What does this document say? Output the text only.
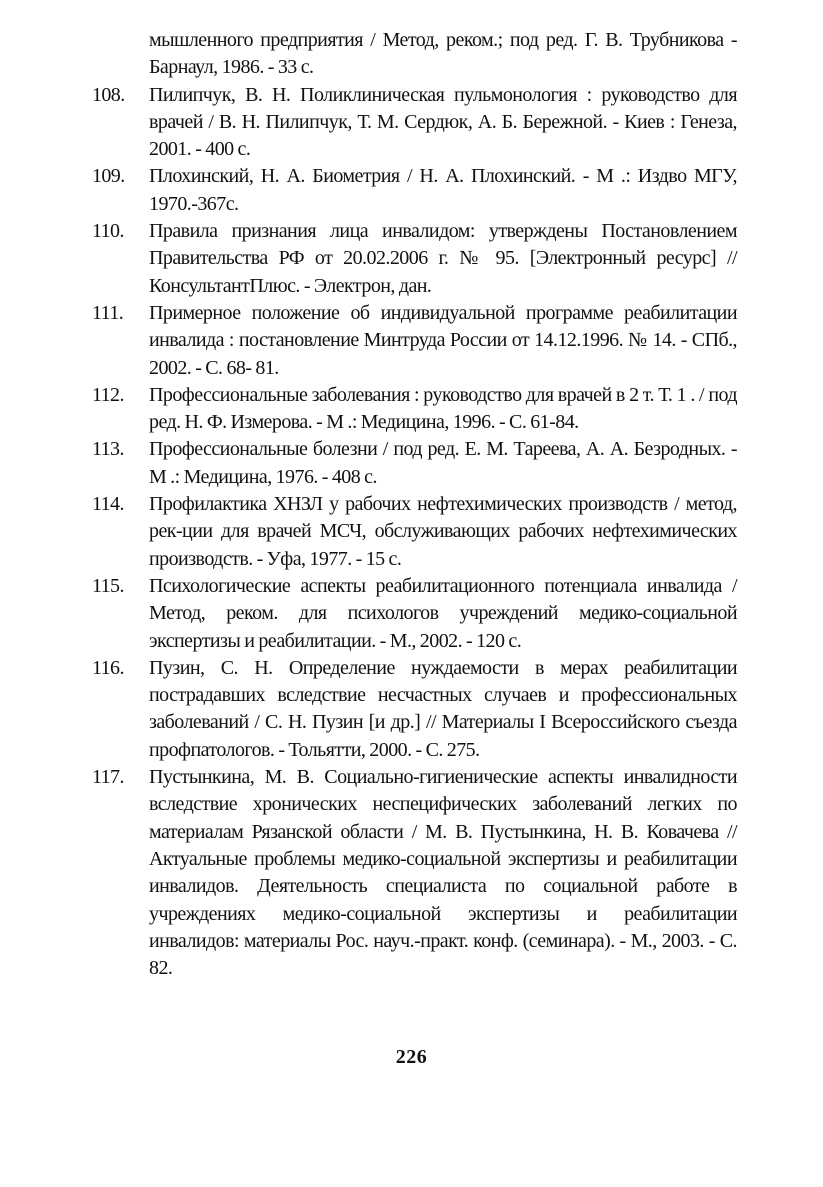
мышленного предприятия / Метод, реком.; под ред. Г. В. Трубникова - Барнаул, 1986. - 33 с.

108.	Пилипчук, В. Н. Поликлиническая пульмонология : руководство для врачей / В. Н. Пилипчук, Т. М. Сердюк, А. Б. Бережной. - Киев : Генеза, 2001. - 400 с.

109.	Плохинский, Н. А. Биометрия / Н. А. Плохинский. - М .: Издво МГУ, 1970.-367с.

110.	Правила признания лица инвалидом: утверждены Постановлением Правительства РФ от 20.02.2006 г. № 95. [Электронный ресурс] // КонсультантПлюс. - Электрон, дан.

111.	Примерное положение об индивидуальной программе реабилитации инвалида : постановление Минтруда России от 14.12.1996. № 14. - СПб., 2002. - С. 68- 81.

112.	Профессиональные заболевания : руководство для врачей в 2 т. Т. 1 . / под ред. Н. Ф. Измерова. - М .: Медицина, 1996. - С. 61-84.

113.	Профессиональные болезни / под ред. Е. М. Тареева, А. А. Безродных. - М .: Медицина, 1976. - 408 с.

114.	Профилактика ХНЗЛ у рабочих нефтехимических производств / метод, рек-ции для врачей МСЧ, обслуживающих рабочих нефтехимических производств. - Уфа, 1977. - 15 с.

115.	Психологические аспекты реабилитационного потенциала инвалида / Метод, реком. для психологов учреждений медико-социальной экспертизы и реабилитации. - М., 2002. - 120 с.

116.	Пузин, С. Н. Определение нуждаемости в мерах реабилитации пострадавших вследствие несчастных случаев и профессиональных заболеваний / С. Н. Пузин [и др.] // Материалы I Всероссийского съезда профпатологов. - Тольятти, 2000. - С. 275.

117.	Пустынкина, М. В. Социально-гигиенические аспекты инвалидности вследствие хронических неспецифических заболеваний легких по материалам Рязанской области / М. В. Пустынкина, Н. В. Ковачева // Актуальные проблемы медико-социальной экспертизы и реабилитации инвалидов. Деятельность специалиста по социальной работе в учреждениях медико-социальной экспертизы и реабилитации инвалидов: материалы Рос. науч.-практ. конф. (семинара). - М., 2003. - С. 82.

226
